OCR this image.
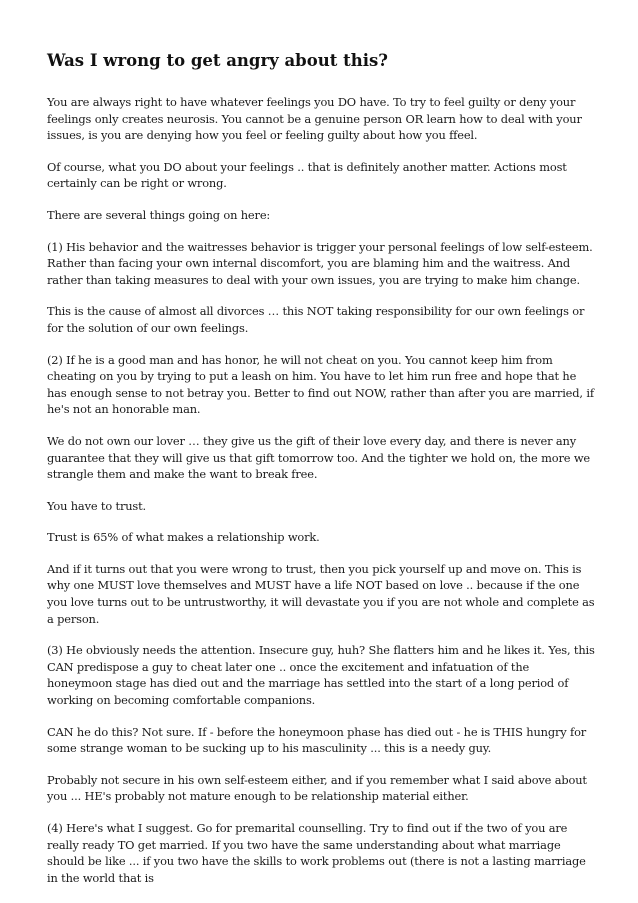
Was I wrong to get angry about this?

You are always right to have whatever feelings you DO have. To try to feel guilty or deny your feelings only creates neurosis. You cannot be a genuine person OR learn how to deal with your issues, is you are denying how you feel or feeling guilty about how you ffeel.

Of course, what you DO about your feelings .. that is definitely another matter. Actions most certainly can be right or wrong.

There are several things going on here:

(1) His behavior and the waitresses behavior is trigger your personal feelings of low self-esteem. Rather than facing your own internal discomfort, you are blaming him and the waitress. And rather than taking measures to deal with your own issues, you are trying to make him change.

This is the cause of almost all divorces … this NOT taking responsibility for our own feelings or for the solution of our own feelings.

(2) If he is a good man and has honor, he will not cheat on you. You cannot keep him from cheating on you by trying to put a leash on him. You have to let him run free and hope that he has enough sense to not betray you. Better to find out NOW, rather than after you are married, if he's not an honorable man.

We do not own our lover … they give us the gift of their love every day, and there is never any guarantee that they will give us that gift tomorrow too. And the tighter we hold on, the more we strangle them and make the want to break free.

You have to trust.

Trust is 65% of what makes a relationship work.

And if it turns out that you were wrong to trust, then you pick yourself up and move on. This is why one MUST love themselves and MUST have a life NOT based on love .. because if the one you love turns out to be untrustworthy, it will devastate you if you are not whole and complete as a person.

(3) He obviously needs the attention. Insecure guy, huh? She flatters him and he likes it. Yes, this CAN predispose a guy to cheat later one .. once the excitement and infatuation of the honeymoon stage has died out and the marriage has settled into the start of a long period of working on becoming comfortable companions.

CAN he do this? Not sure. If - before the honeymoon phase has died out - he is THIS hungry for some strange woman to be sucking up to his masculinity ... this is a needy guy.

Probably not secure in his own self-esteem either, and if you remember what I said above about you ... HE's probably not mature enough to be relationship material either.

(4) Here's what I suggest. Go for premarital counselling. Try to find out if the two of you are really ready TO get married. If you two have the same understanding about what marriage should be like ... if you two have the skills to work problems out (there is not a lasting marriage in the world that is
